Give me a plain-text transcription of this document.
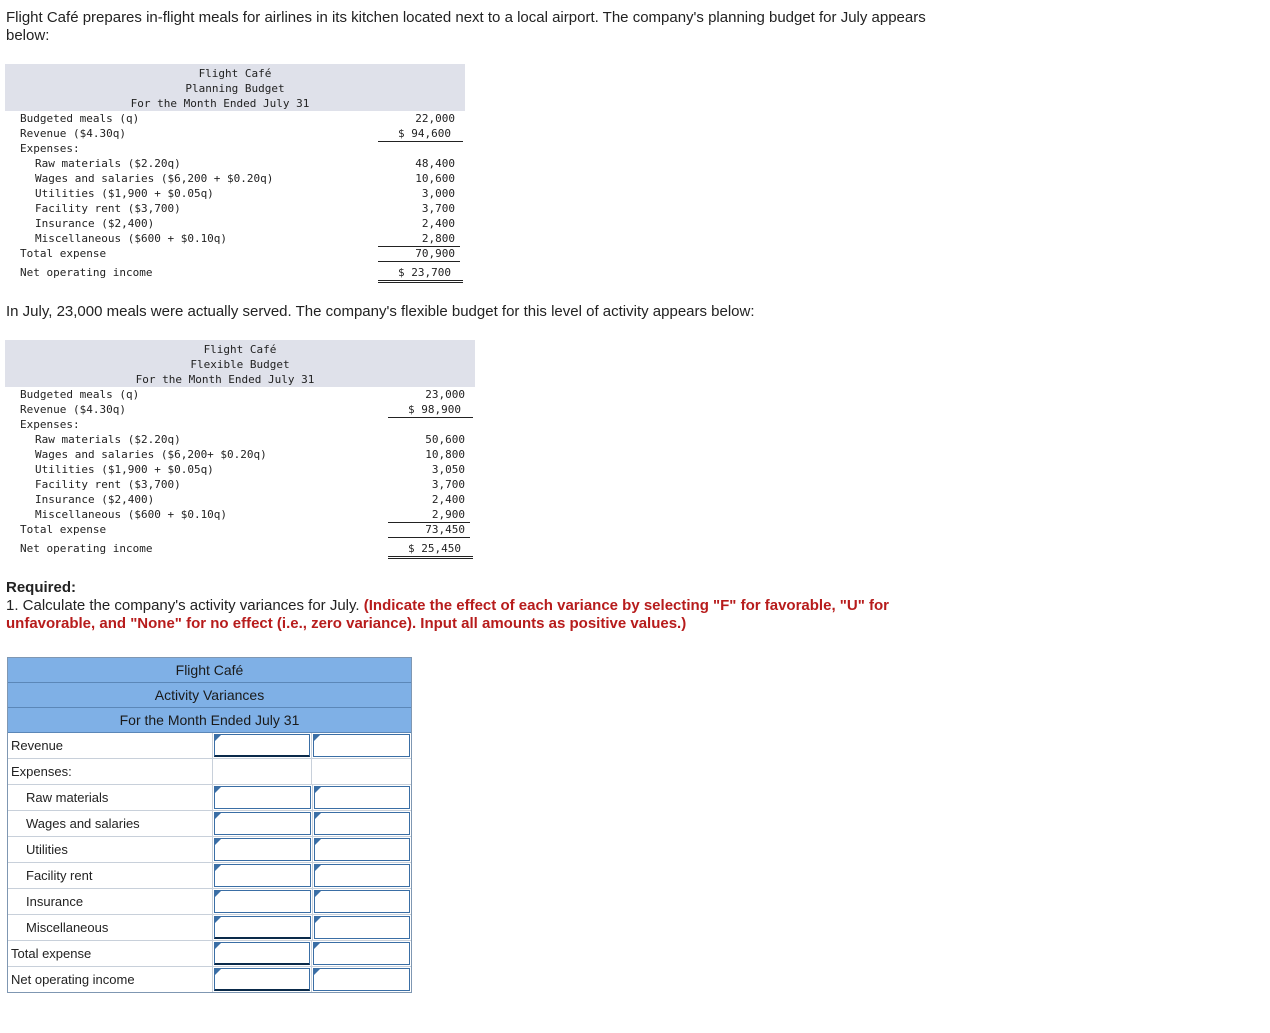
Flight Café prepares in-flight meals for airlines in its kitchen located next to a local airport. The company's planning budget for July appears below:
Flight Café
Planning Budget
For the Month Ended July 31
Budgeted meals (q)	22,000
Revenue ($4.30q)	$ 94,600
Expenses:
Raw materials ($2.20q)	48,400
Wages and salaries ($6,200 + $0.20q)	10,600
Utilities ($1,900 + $0.05q)	3,000
Facility rent ($3,700)	3,700
Insurance ($2,400)	2,400
Miscellaneous ($600 + $0.10q)	2,800
Total expense	70,900
Net operating income	$ 23,700
In July, 23,000 meals were actually served. The company's flexible budget for this level of activity appears below:
Flight Café
Flexible Budget
For the Month Ended July 31
Budgeted meals (q)	23,000
Revenue ($4.30q)	$ 98,900
Expenses:
Raw materials ($2.20q)	50,600
Wages and salaries ($6,200+ $0.20q)	10,800
Utilities ($1,900 + $0.05q)	3,050
Facility rent ($3,700)	3,700
Insurance ($2,400)	2,400
Miscellaneous ($600 + $0.10q)	2,900
Total expense	73,450
Net operating income	$ 25,450
Required:
1. Calculate the company's activity variances for July. (Indicate the effect of each variance by selecting "F" for favorable, "U" for unfavorable, and "None" for no effect (i.e., zero variance). Input all amounts as positive values.)
Flight Café
Activity Variances
For the Month Ended July 31
Revenue
Expenses:
Raw materials
Wages and salaries
Utilities
Facility rent
Insurance
Miscellaneous
Total expense
Net operating income
